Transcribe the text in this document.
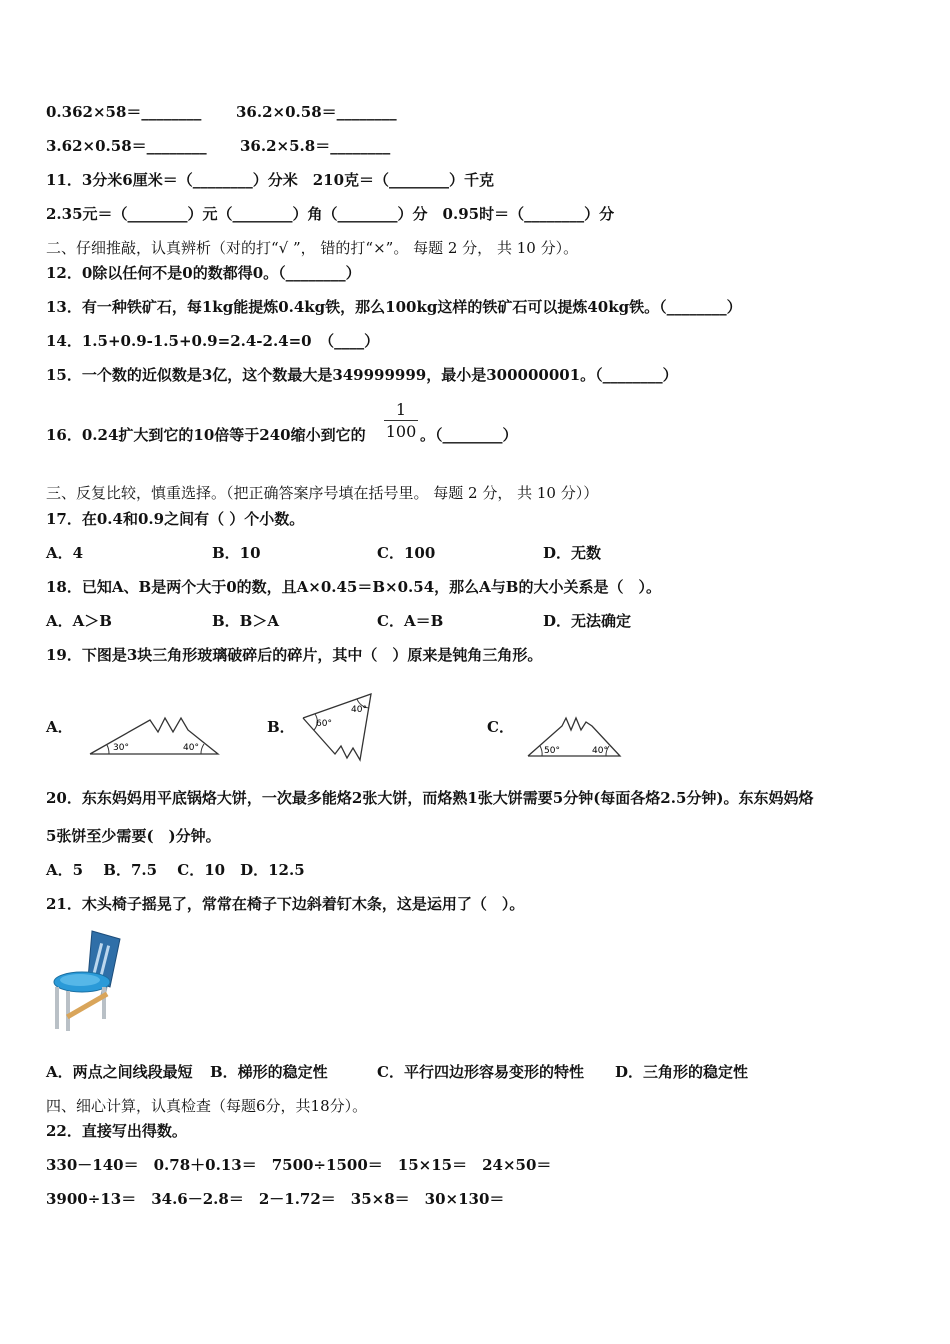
0.362×58＝________ 36.2×0.58＝________
3.62×0.58＝________ 36.2×5.8＝________
11．3分米6厘米＝（________）分米　210克＝（________）千克
2.35元＝（________）元（________）角（________）分　0.95时＝（________）分
二、仔细推敲，认真辨析（对的打“√ ”， 错的打“×”。 每题 2 分， 共 10 分）。
12．0除以任何不是0的数都得0。（________）
13．有一种铁矿石，每1kg能提炼0.4kg铁，那么100kg这样的铁矿石可以提炼40kg铁。（________）
14．1.5+0.9-1.5+0.9=2.4-2.4=0　（____）
15．一个数的近似数是3亿，这个数最大是349999999，最小是300000001。（________）
16．0.24扩大到它的10倍等于240缩小到它的
1
100 。（________）
三、反复比较，慎重选择。（把正确答案序号填在括号里。 每题 2 分， 共 10 分））
17．在0.4和0.9之间有（ ）个小数。
A．4	B．10	C．100	D．无数
18．已知A、B是两个大于0的数，且A×0.45＝B×0.54，那么A与B的大小关系是（　）。
A．A＞B	B．B＞A	C．A＝B	D．无法确定
19．下图是3块三角形玻璃破碎后的碎片，其中（　）原来是钝角三角形。
A．	B．	C．
30°	40°
60°
40°
50°	40°
20．东东妈妈用平底锅烙大饼，一次最多能烙2张大饼，而烙熟1张大饼需要5分钟(每面各烙2.5分钟)。东东妈妈烙
5张饼至少需要(　)分钟。
A．5　 B．7.5　 C．10　D．12.5
21．木头椅子摇晃了，常常在椅子下边斜着钉木条，这是运用了（　）。
A．两点之间线段最短 B．梯形的稳定性	C．平行四边形容易变形的特性 D．三角形的稳定性
四、细心计算，认真检查（每题6分，共18分）。
22．直接写出得数。
330－140＝　0.78＋0.13＝　7500÷1500＝　15×15＝　24×50＝
3900÷13＝　34.6－2.8＝　2－1.72＝　35×8＝　30×130＝
